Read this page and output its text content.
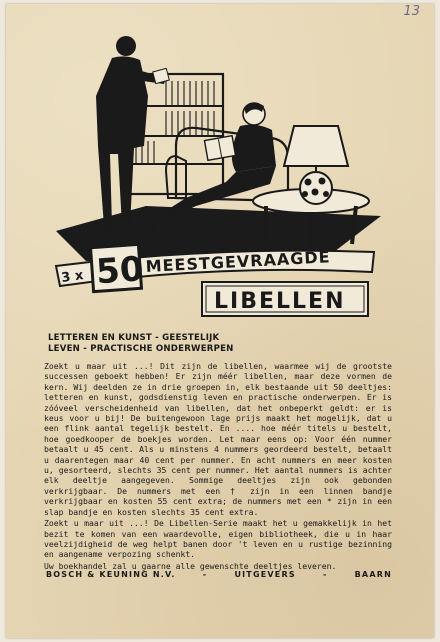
13
3 x 50 MEESTGEVRAAGDE
LIBELLEN
LETTEREN EN KUNST - GEESTELIJK
LEVEN - PRACTISCHE ONDERWERPEN

Zoekt u maar uit ...! Dit zijn de libellen, waarmee wij de grootste successen geboekt hebben! Er zijn méér libellen, maar deze vormen de kern. Wij deelden ze in drie groepen in, elk bestaande uit 50 deeltjes: letteren en kunst, godsdienstig leven en practische onderwerpen. Er is zóóveel verscheidenheid van libellen, dat het onbeperkt geldt: er is keus voor u bij! De buitengewoon lage prijs maakt het mogelijk, dat u een flink aantal tegelijk bestelt. En .... hoe méér titels u bestelt, hoe goedkooper de boekjes worden. Let maar eens op: Voor één nummer betaalt u 45 cent. Als u minstens 4 nummers geordeerd bestelt, betaalt u daarentegen maar 40 cent per nummer. En acht nummers en meer kosten u, gesorteerd, slechts 35 cent per nummer. Het aantal nummers is achter elk deeltje aangegeven. Sommige deeltjes zijn ook gebonden verkrijgbaar. De nummers met een † zijn in een linnen bandje verkrijgbaar en kosten 55 cent extra; de nummers met een * zijn in een slap bandje en kosten slechts 35 cent extra.

Zoekt u maar uit ...! De Libellen-Serie maakt het u gemakkelijk in het bezit te komen van een waardevolle, eigen bibliotheek, die u in haar veelzijdigheid de weg helpt banen door 't leven en u rustige bezinning en aangename verpozing schenkt.

Uw boekhandel zal u gaarne alle gewenschte deeltjes leveren.

BOSCH & KEUNING N.V.	-	UITGEVERS	-	BAARN
